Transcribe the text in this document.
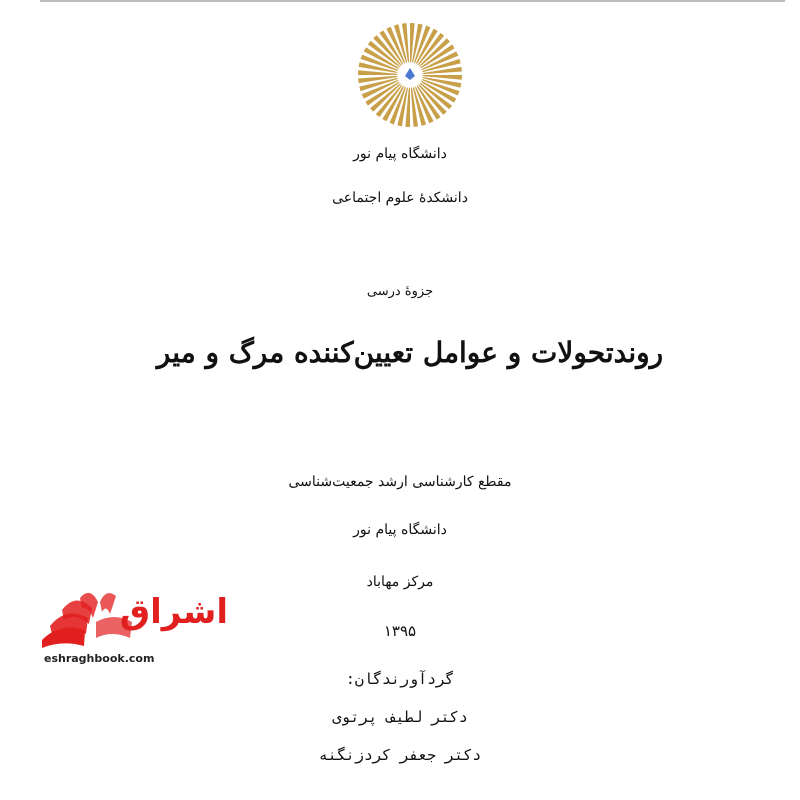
دانشگاه پیام نور
دانشکدهٔ علوم اجتماعی
جزوهٔ درسی
روندتحولات و عوامل تعیین‌کننده مرگ و میر
مقطع کارشناسی ارشد جمعیت‌شناسی
دانشگاه پیام نور
مرکز مهاباد
۱۳۹۵
گردآورندگان:
دکتر لطیف پرتوی
دکتر جعفر کردزنگنه
اشراق
eshraghbook.com
